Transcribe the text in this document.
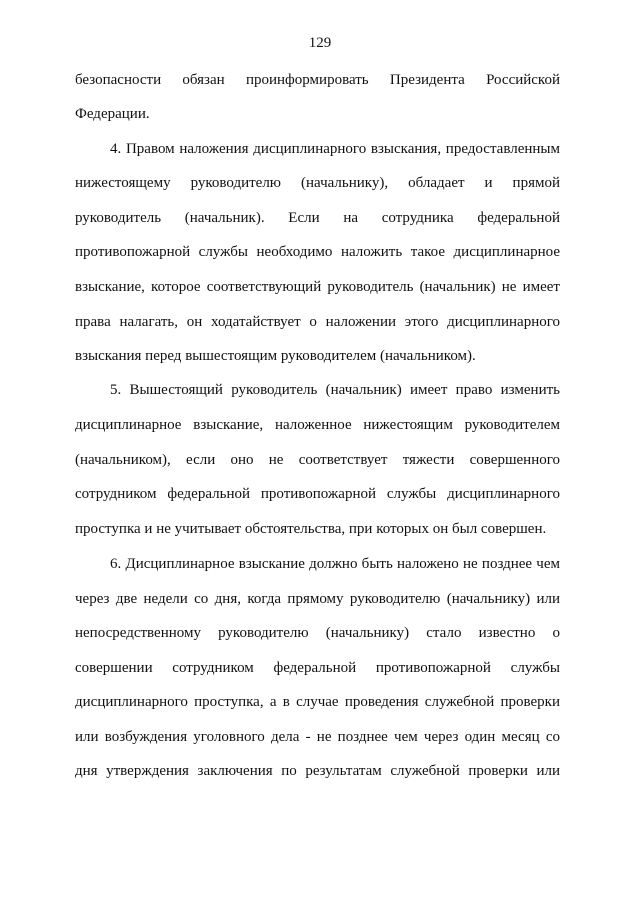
129
безопасности обязан проинформировать Президента Российской
Федерации.
4. Правом наложения дисциплинарного взыскания, предоставленным
нижестоящему руководителю (начальнику), обладает и прямой
руководитель (начальник). Если на сотрудника федеральной
противопожарной службы необходимо наложить такое дисциплинарное
взыскание, которое соответствующий руководитель (начальник) не имеет
права налагать, он ходатайствует о наложении этого дисциплинарного
взыскания перед вышестоящим руководителем (начальником).
5. Вышестоящий руководитель (начальник) имеет право изменить
дисциплинарное взыскание, наложенное нижестоящим руководителем
(начальником), если оно не соответствует тяжести совершенного
сотрудником федеральной противопожарной службы дисциплинарного
проступка и не учитывает обстоятельства, при которых он был совершен.
6. Дисциплинарное взыскание должно быть наложено не позднее чем
через две недели со дня, когда прямому руководителю (начальнику) или
непосредственному руководителю (начальнику) стало известно о
совершении сотрудником федеральной противопожарной службы
дисциплинарного проступка, а в случае проведения служебной проверки
или возбуждения уголовного дела - не позднее чем через один месяц со
дня утверждения заключения по результатам служебной проверки или
